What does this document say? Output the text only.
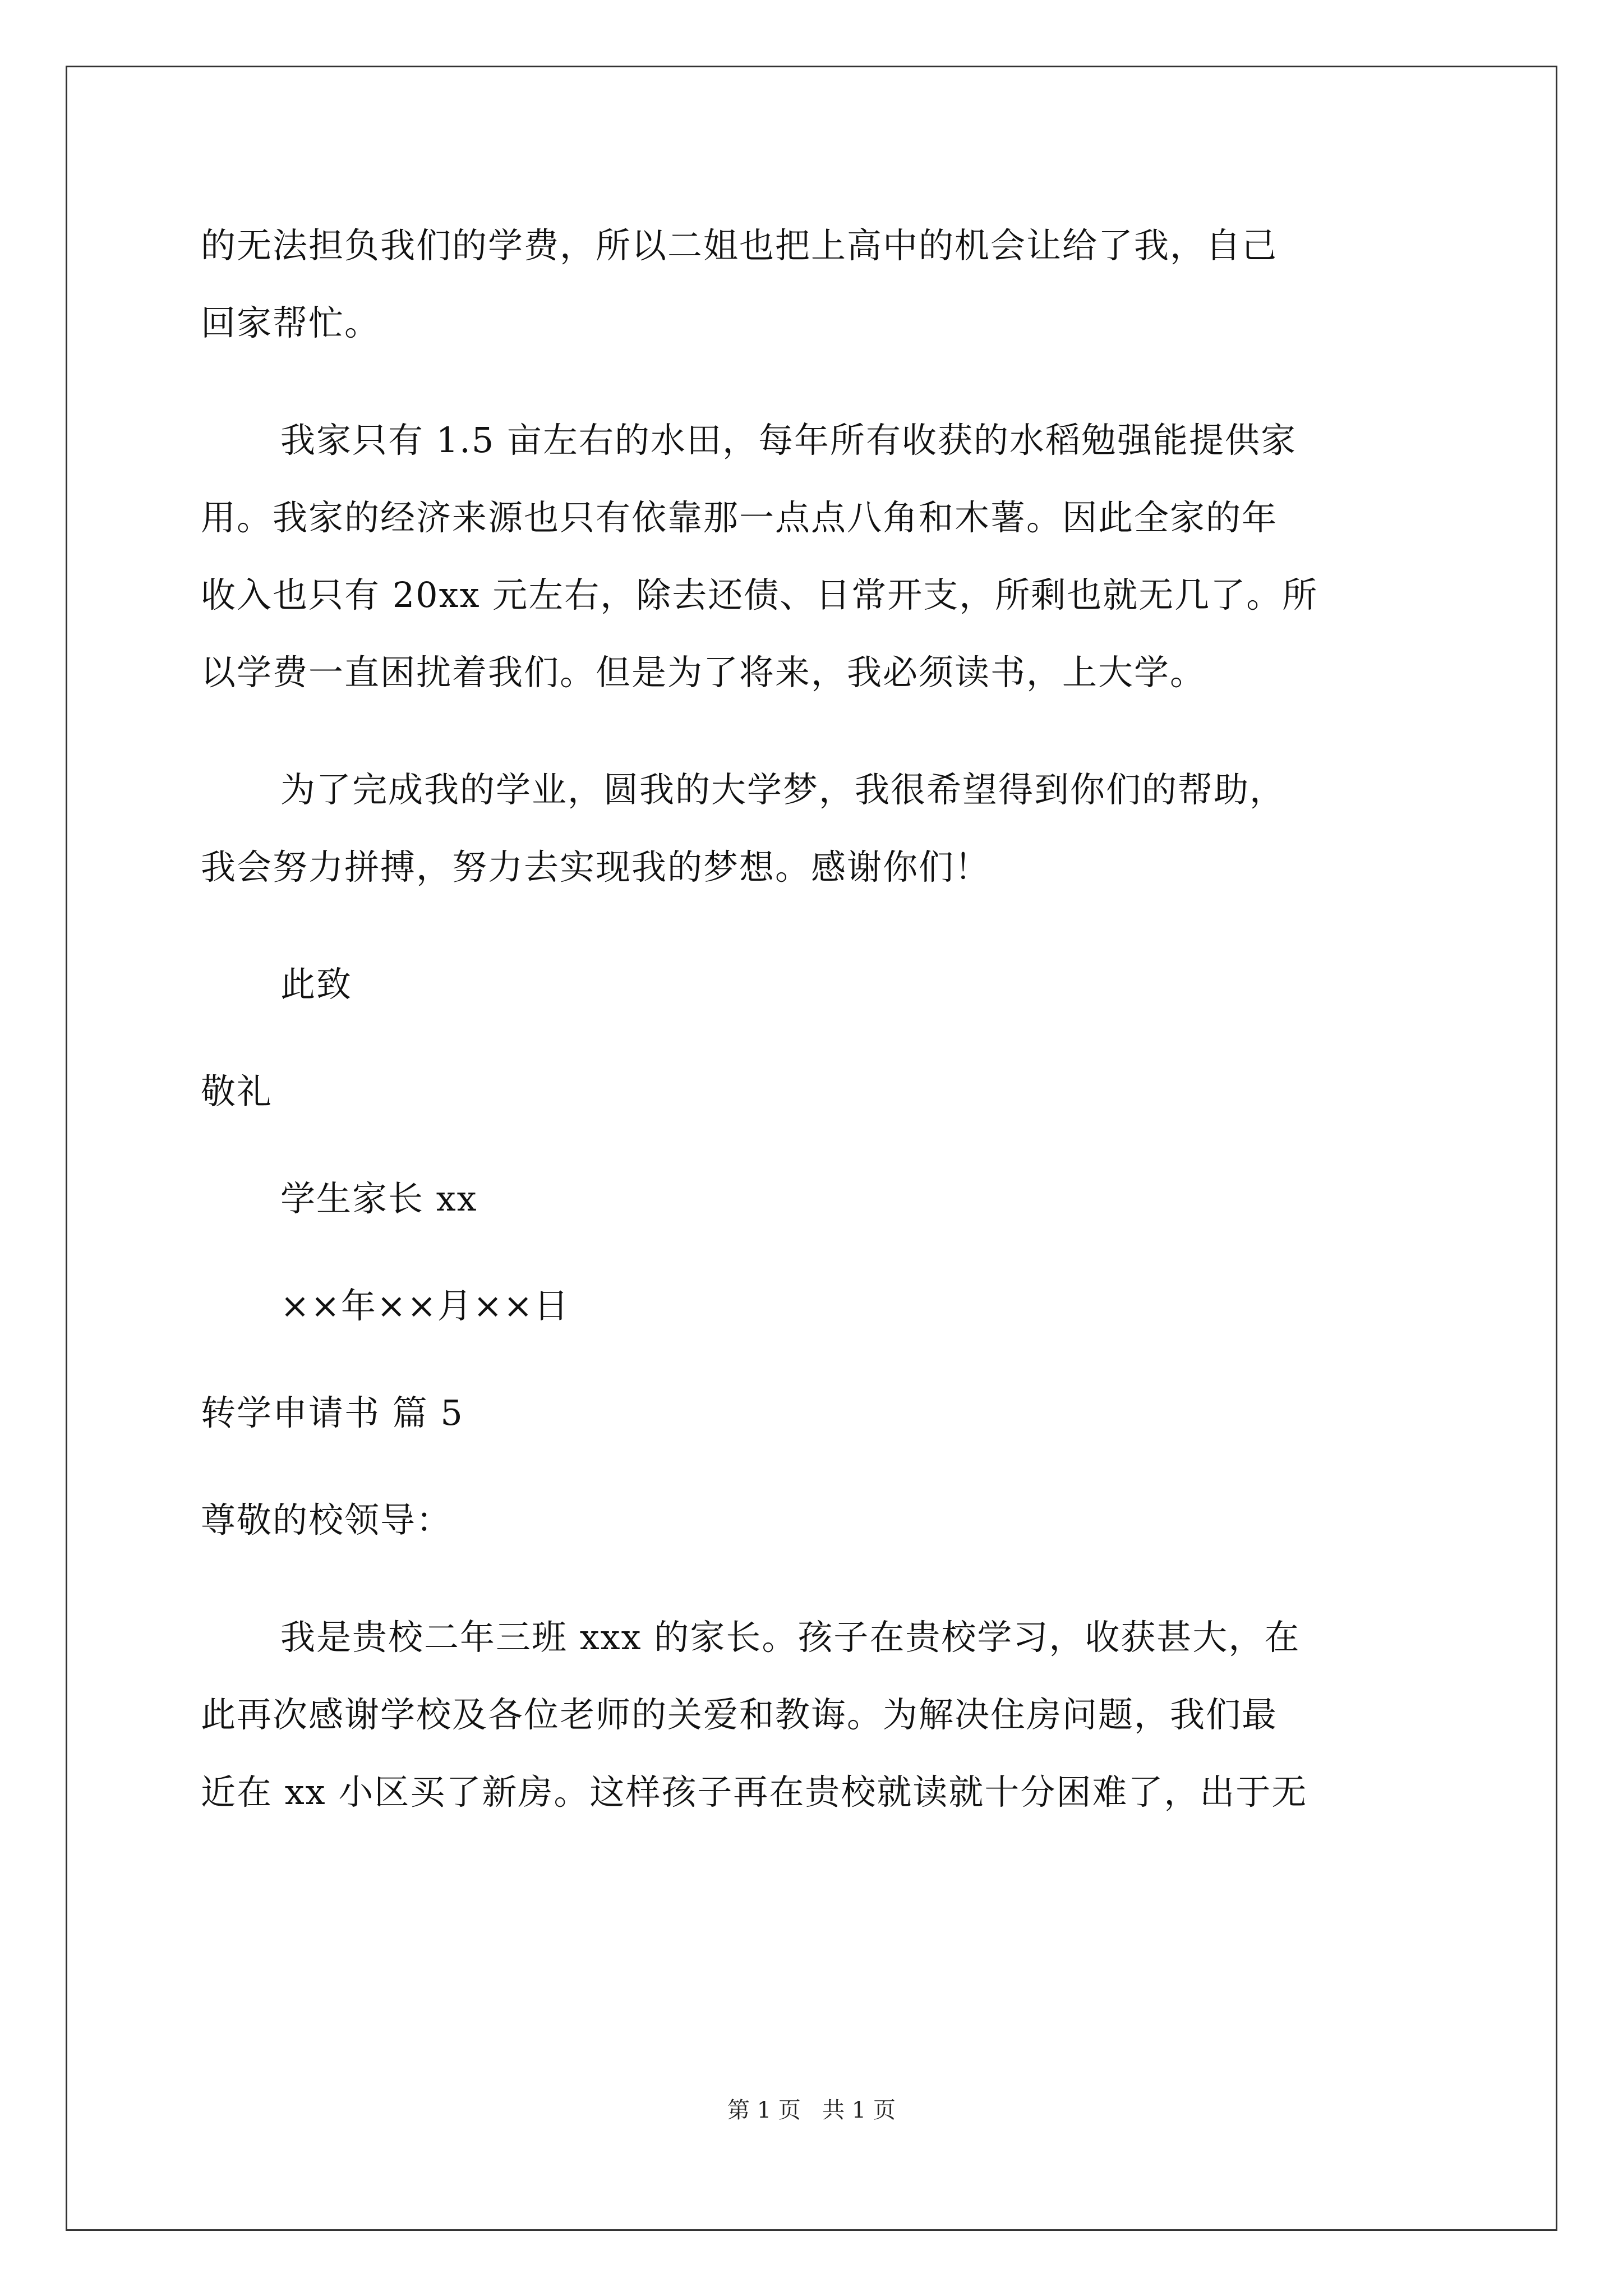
的无法担负我们的学费，所以二姐也把上高中的机会让给了我，自己
回家帮忙。
我家只有 1.5 亩左右的水田，每年所有收获的水稻勉强能提供家
用。我家的经济来源也只有依靠那一点点八角和木薯。因此全家的年
收入也只有 20xx 元左右，除去还债、日常开支，所剩也就无几了。所
以学费一直困扰着我们。但是为了将来，我必须读书，上大学。
为了完成我的学业，圆我的大学梦，我很希望得到你们的帮助，
我会努力拼搏，努力去实现我的梦想。感谢你们！
此致
敬礼
学生家长 xx
××年××月××日
转学申请书 篇 5
尊敬的校领导：
我是贵校二年三班 xxx 的家长。孩子在贵校学习，收获甚大，在
此再次感谢学校及各位老师的关爱和教诲。为解决住房问题，我们最
近在 xx 小区买了新房。这样孩子再在贵校就读就十分困难了，出于无
第 1 页   共 1 页
